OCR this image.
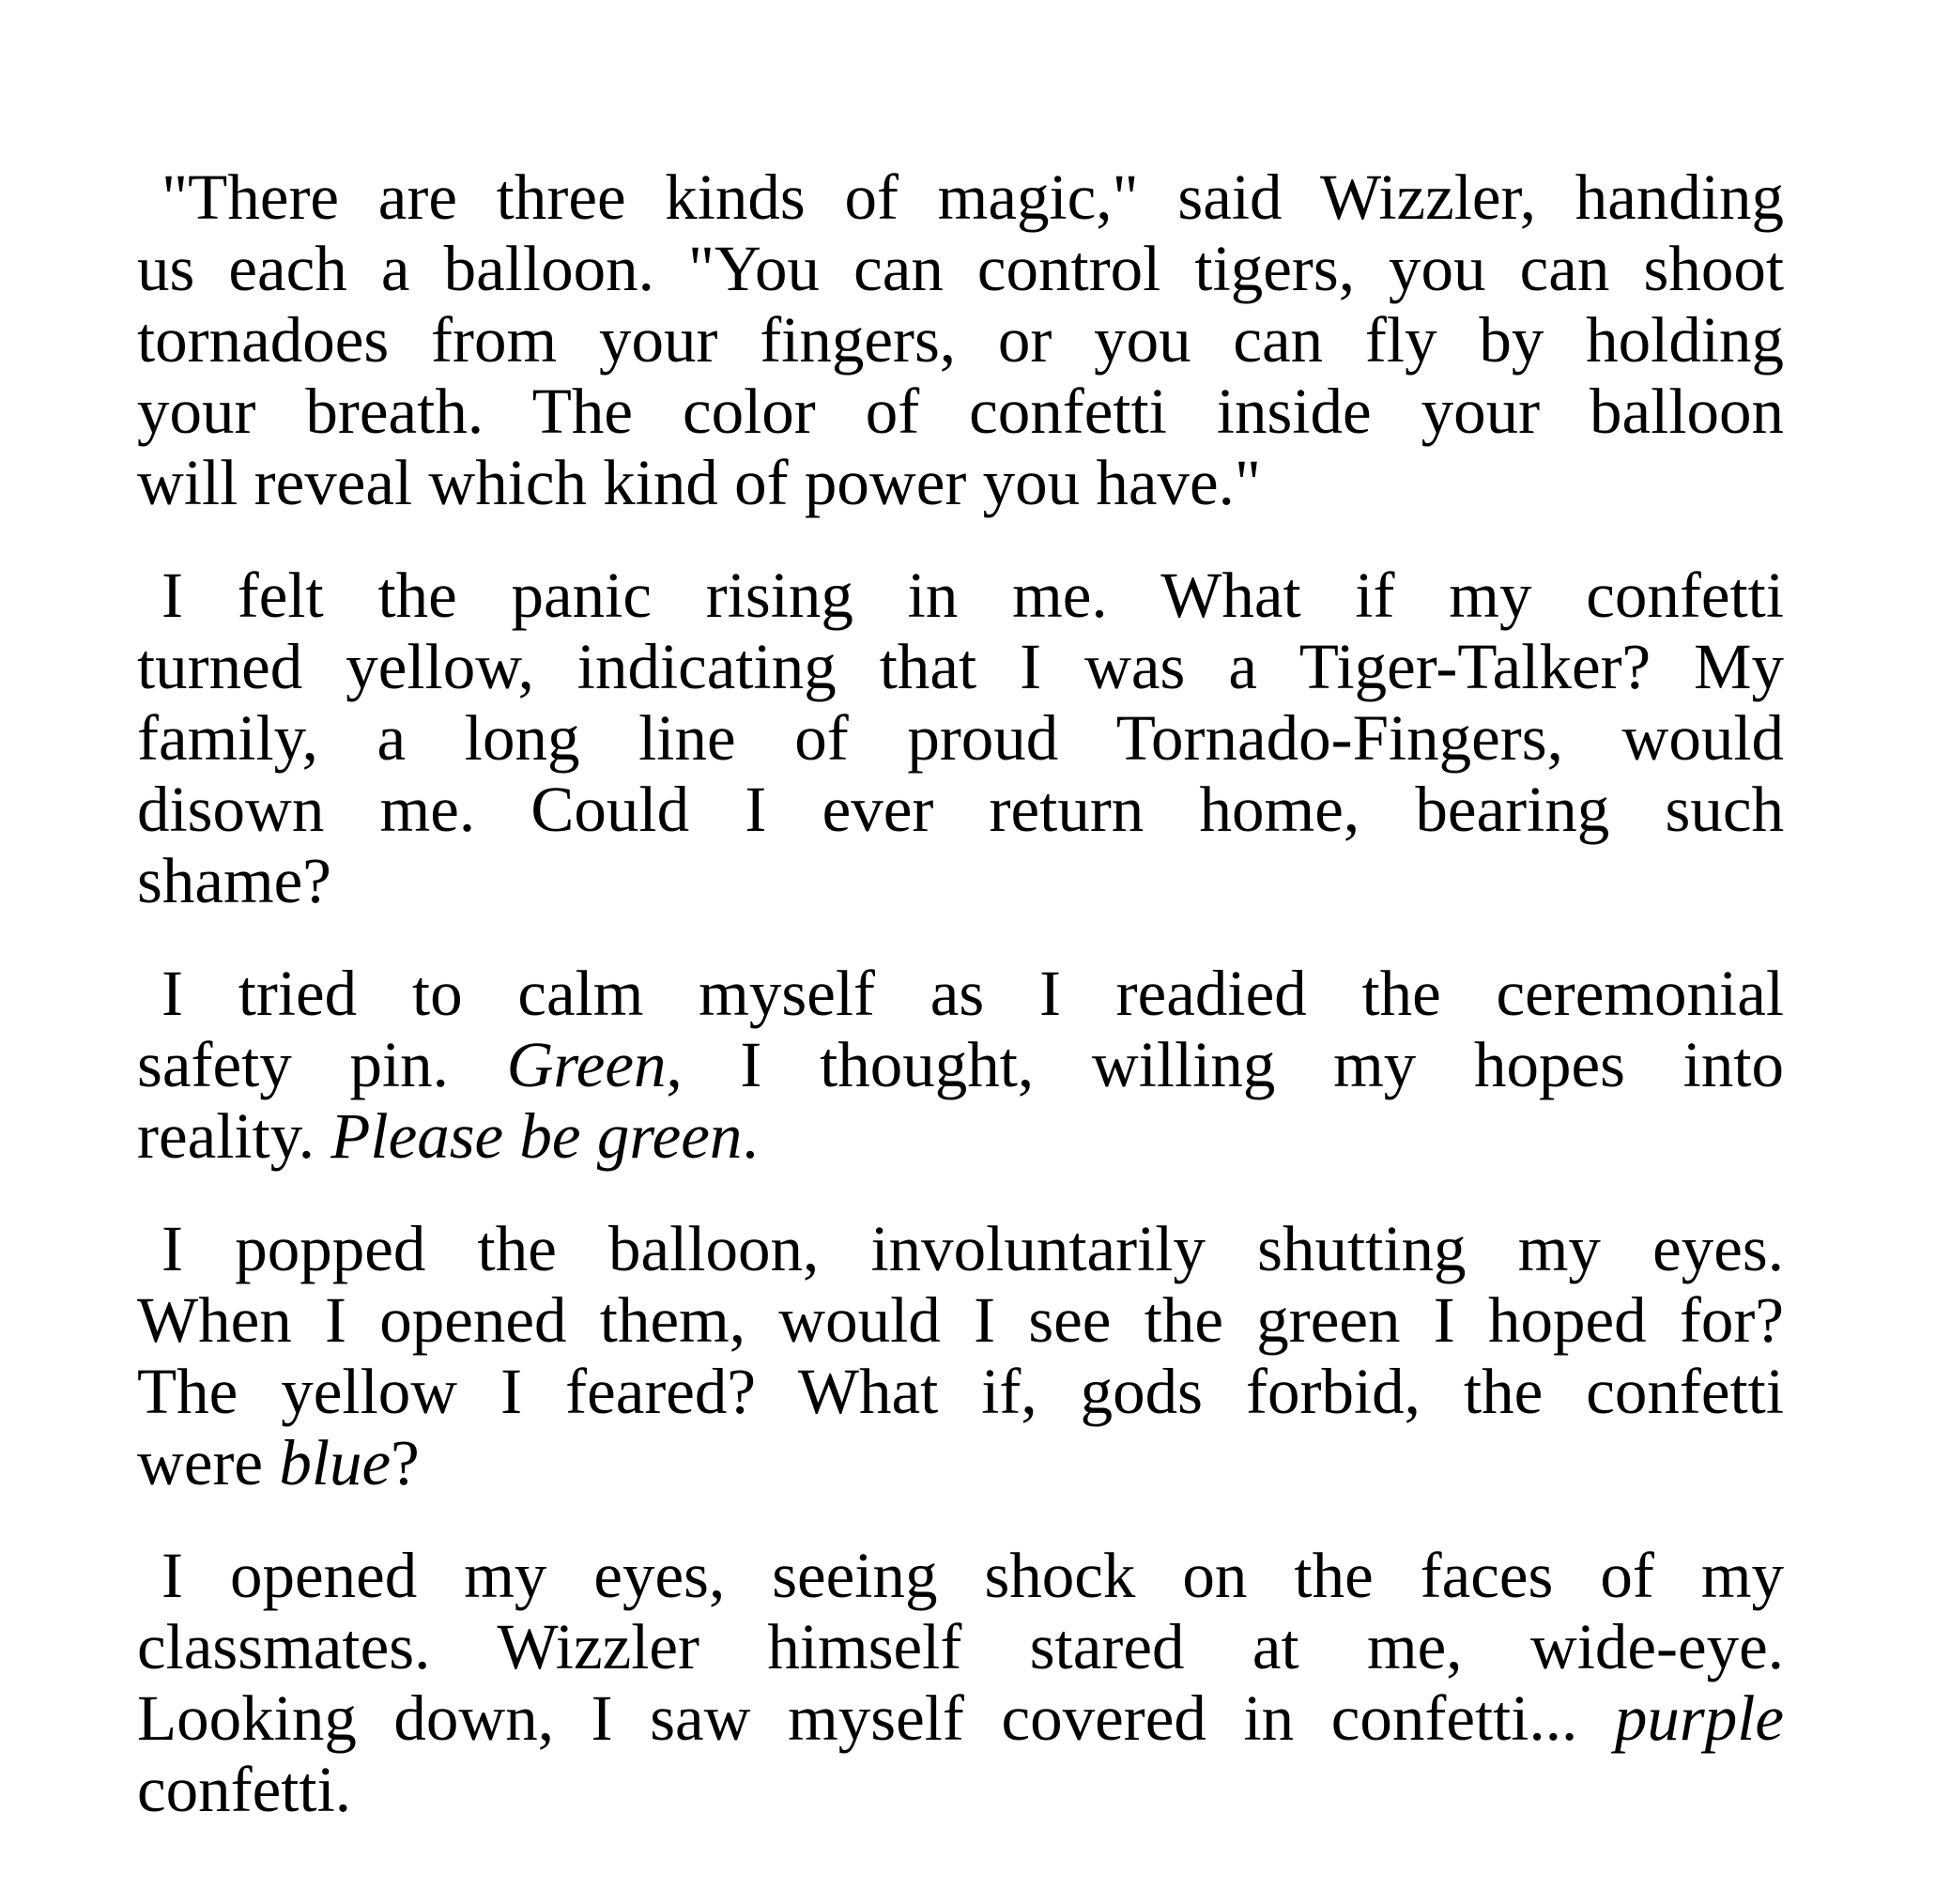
"There are three kinds of magic," said Wizzler, handing
us each a balloon. "You can control tigers, you can shoot
tornadoes from your fingers, or you can fly by holding
your breath. The color of confetti inside your balloon
will reveal which kind of power you have."
I felt the panic rising in me. What if my confetti
turned yellow, indicating that I was a Tiger-Talker? My
family, a long line of proud Tornado-Fingers, would
disown me. Could I ever return home, bearing such
shame?
I tried to calm myself as I readied the ceremonial
safety pin. Green, I thought, willing my hopes into
reality. Please be green.
I popped the balloon, involuntarily shutting my eyes.
When I opened them, would I see the green I hoped for?
The yellow I feared? What if, gods forbid, the confetti
were blue?
I opened my eyes, seeing shock on the faces of my
classmates. Wizzler himself stared at me, wide-eye.
Looking down, I saw myself covered in confetti... purple
confetti.
